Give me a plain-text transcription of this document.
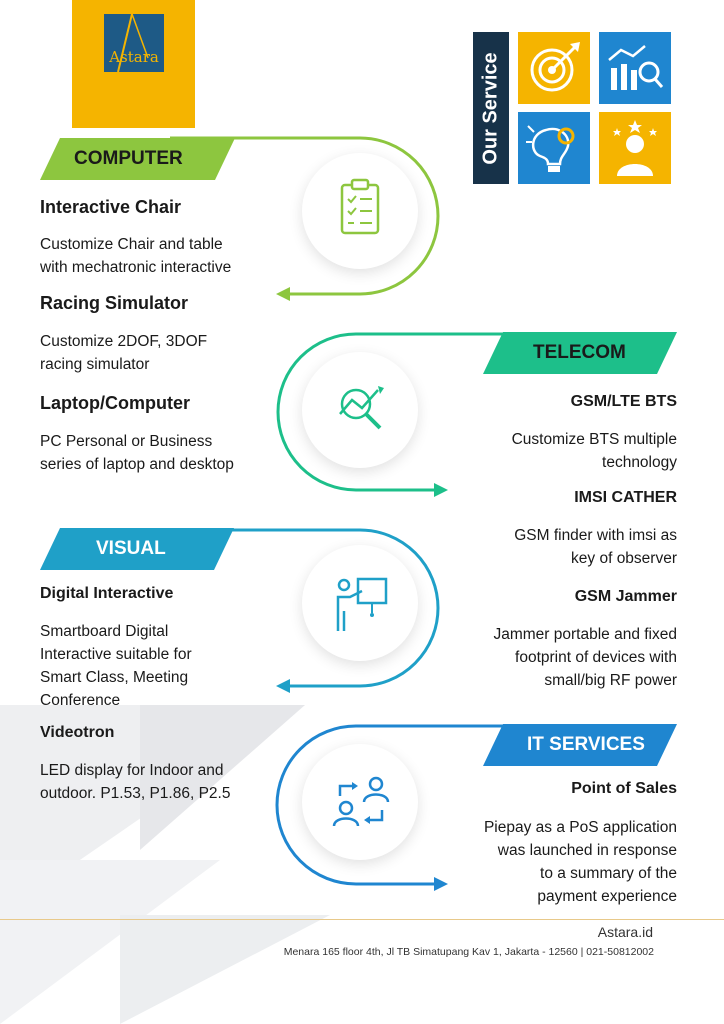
Astara	Our Service
COMPUTER
TELECOM
VISUAL
IT SERVICES
Interactive Chair
Customize Chair and table
with mechatronic interactive
Racing Simulator
Customize 2DOF, 3DOF
racing simulator
Laptop/Computer
PC Personal or Business
series of laptop and desktop
GSM/LTE BTS
Customize BTS multiple
technology
IMSI CATHER
GSM finder with imsi as
key of observer
GSM Jammer
Jammer portable and fixed
footprint of devices with
small/big RF power
Digital Interactive
Smartboard Digital
Interactive suitable for
Smart Class, Meeting
Conference
Videotron
LED display for Indoor and
outdoor. P1.53, P1.86, P2.5	Point of Sales
Piepay as a PoS application
was launched in response
to a summary of the
payment experience
Astara.id
Menara 165 floor 4th, Jl TB Simatupang Kav 1, Jakarta - 12560 | 021-50812002
